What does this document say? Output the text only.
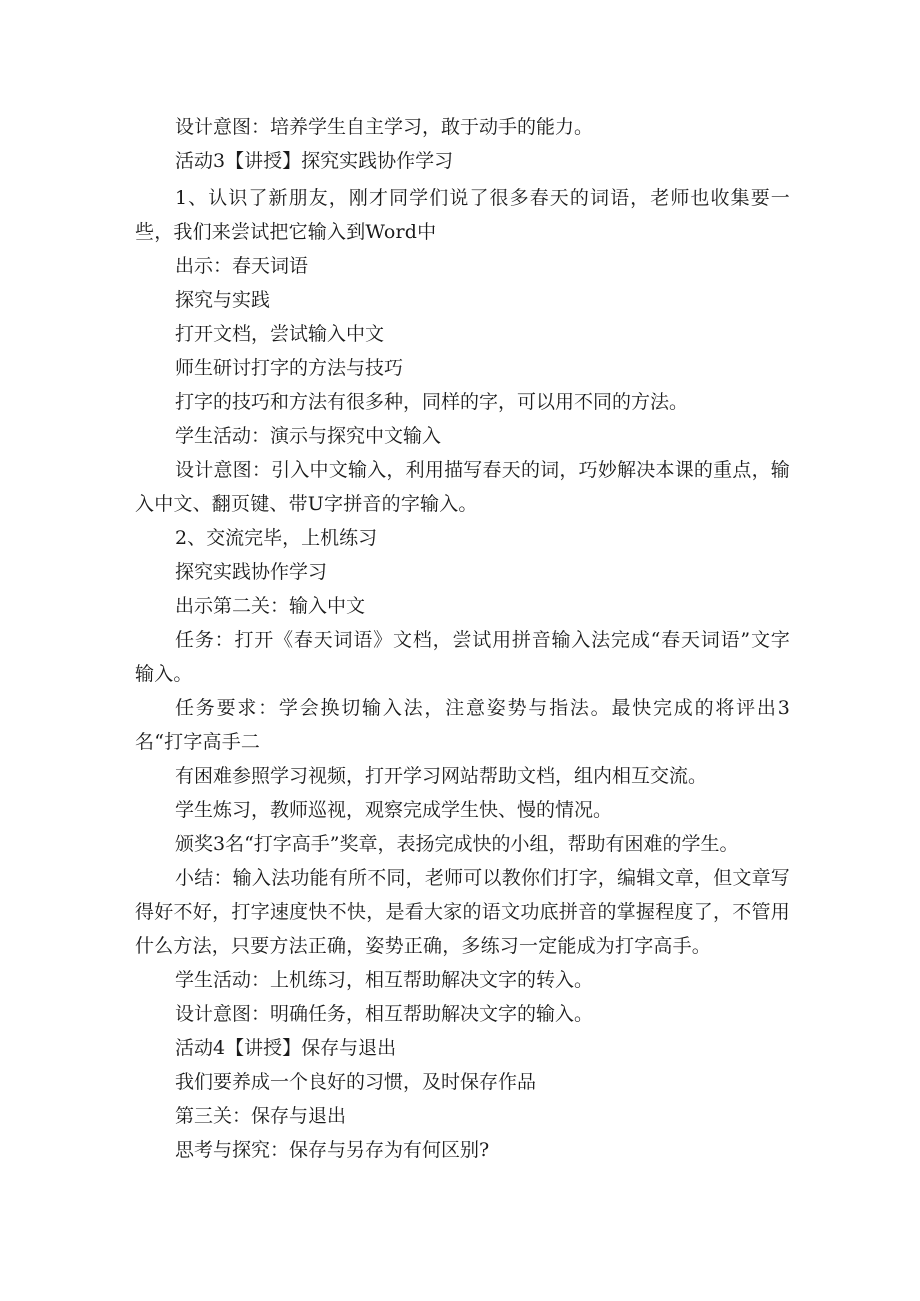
设计意图：培养学生自主学习，敢于动手的能力。

活动3【讲授】探究实践协作学习

1、认识了新朋友，刚才同学们说了很多春天的词语，老师也收集要一些，我们来尝试把它输入到Word中

出示：春天词语

探究与实践

打开文档，尝试输入中文

师生研讨打字的方法与技巧

打字的技巧和方法有很多种，同样的字，可以用不同的方法。

学生活动：演示与探究中文输入

设计意图：引入中文输入，利用描写春天的词，巧妙解决本课的重点，输入中文、翻页键、带U字拼音的字输入。

2、交流完毕，上机练习

探究实践协作学习

出示第二关：输入中文

任务：打开《春天词语》文档，尝试用拼音输入法完成“春天词语”文字输入。

任务要求：学会换切输入法，注意姿势与指法。最快完成的将评出3名“打字高手二

有困难参照学习视频，打开学习网站帮助文档，组内相互交流。

学生炼习，教师巡视，观察完成学生快、慢的情况。

颁奖3名“打字高手”奖章，表扬完成快的小组，帮助有困难的学生。

小结：输入法功能有所不同，老师可以教你们打字，编辑文章，但文章写得好不好，打字速度快不快，是看大家的语文功底拼音的掌握程度了，不管用什么方法，只要方法正确，姿势正确，多练习一定能成为打字高手。

学生活动：上机练习，相互帮助解决文字的转入。

设计意图：明确任务，相互帮助解决文字的输入。

活动4【讲授】保存与退出

我们要养成一个良好的习惯，及时保存作品

第三关：保存与退出

思考与探究：保存与另存为有何区别?
